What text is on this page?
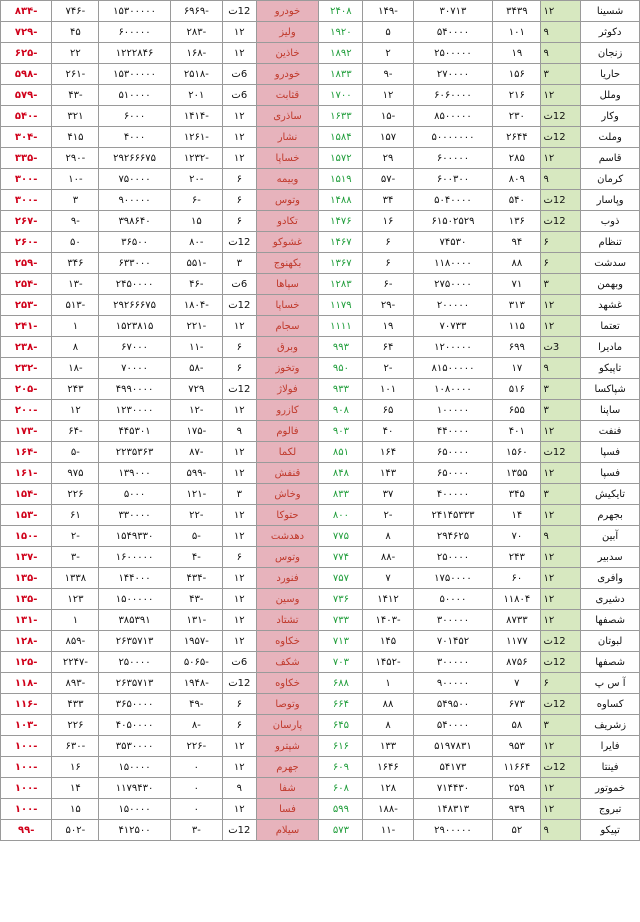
-۸۳۴	-۷۴۶	۱۵۳۰۰۰۰۰	-۶۹۶۹	12ت	خودرو	۲۴۰۸	-۱۴۹	۳۰۷۱۳	۳۴۳۹	۱۲	شسینا
-۷۲۹	۴۵	۶۰۰۰۰۰	-۲۸۳	۱۲	ولیز	۱۹۲۰	۵	۵۴۰۰۰۰	۱۰۱	۹	دکوثر
-۶۲۵	۲۲	۱۲۲۲۸۴۶	-۱۶۸	۱۲	خاذین	۱۸۹۲	۲	۲۵۰۰۰۰۰	۱۹	۹	زنجان
-۵۹۸	-۲۶۱	۱۵۳۰۰۰۰۰	-۲۵۱۸	6ت	خودرو	۱۸۳۳	-۹	۲۷۰۰۰۰	۱۵۶	۳	حاریا
-۵۷۹	-۴۳	۵۱۰۰۰۰	۲۰۱	6ت	قثابت	۱۷۰۰	۱۲	۶۰۶۰۰۰۰	۲۱۶	۱۲	وملل
-۵۴۰	۳۲۱	۶۰۰۰	-۱۴۱۴	۱۲	ساذری	۱۶۳۳	-۱۵	۸۵۰۰۰۰۰	۲۳۰	12ت	وکار
-۳۰۴	۴۱۵	۴۰۰۰	-۱۲۶۱	۱۲	نشار	۱۵۸۴	۱۵۷	۵۰۰۰۰۰۰۰	۲۶۴۴	12ت	وملت
-۳۳۵	-۲۹۰	۲۹۲۶۶۶۷۵	-۱۲۳۲	۱۲	خساپا	۱۵۷۲	۲۹	۶۰۰۰۰۰	۲۸۵	۱۲	قاسم
-۳۰۰	-۱۰	۷۵۰۰۰۰	-۲۰	۶	وبیمه	۱۵۱۹	-۵۷	۶۰۰۳۰۰	۸۰۹	۹	کرمان
-۳۰۰	۳	۹۰۰۰۰۰	-۶	۶	وتوس	۱۴۸۸	۳۴	۵۰۴۰۰۰۰	۵۴۰	12ت	وپاسار
-۲۶۷	-۹	۳۹۸۶۴۰	۱۵	۶	تکادو	۱۴۷۶	۱۶	۶۱۵۰۲۵۲۹	۱۳۶	12ت	ذوب
-۲۶۰	۵۰	۳۶۵۰۰	-۸۰	12ت	غشوکو	۱۴۶۷	۶	۷۴۵۳۰	۹۴	۶	تنظام
-۲۵۹	۳۴۶	۶۳۳۰۰۰	-۵۵۱	۳	بکهنوج	۱۳۶۷	۶	۱۱۸۰۰۰۰	۸۸	۶	سدشت
-۲۵۴	-۱۳	۲۴۵۰۰۰۰	-۴۶	6ت	سپاها	۱۲۸۳	-۶	۲۷۵۰۰۰۰	۷۱	۳	وبهمن
-۲۵۳	-۵۱۳	۲۹۲۶۶۶۷۵	-۱۸۰۴	12ت	خساپا	۱۱۷۹	-۲۹	۲۰۰۰۰۰	۳۱۳	۱۲	غشهد
-۲۴۱	۱	۱۵۲۳۸۱۵	-۲۲۱	۱۲	سجام	۱۱۱۱	۱۹	۷۰۷۳۳	۱۱۵	۱۲	تعتما
-۲۳۸	۸	۶۷۰۰۰	-۱۱	۶	وبرق	۹۹۳	۶۴	۱۲۰۰۰۰۰	۶۹۹	3ت	مادیرا
-۲۳۲	-۱۸	۷۰۰۰۰	-۵۸	۶	وتخوز	۹۵۰	-۲	۸۱۵۰۰۰۰۰	۱۷	۹	تاپیکو
-۲۰۵	۲۴۳	۴۹۹۰۰۰۰	۷۲۹	12ت	فولاژ	۹۳۳	۱۰۱	۱۰۸۰۰۰۰	۵۱۶	۳	شپاکسا
-۲۰۰	۱۲	۱۲۳۰۰۰۰	-۱۲	۱۲	کازرو	۹۰۸	۶۵	۱۰۰۰۰۰	۶۵۵	۳	ساپنا
-۱۷۳	-۶۴	۴۴۵۳۰۱	-۱۷۵	۹	فالوم	۹۰۳	۴۰	۴۴۰۰۰۰	۴۰۱	۱۲	فنفت
-۱۶۴	-۵	۲۲۳۵۳۶۳	-۸۷	۱۲	لکما	۸۵۱	۱۶۴	۶۵۰۰۰۰	۱۵۶۰	12ت	فسپا
-۱۶۱	۹۷۵	۱۳۹۰۰۰	-۵۹۹	۱۲	قنفش	۸۴۸	۱۴۳	۶۵۰۰۰۰	۱۳۵۵	۱۲	فسپا
-۱۵۴	۲۲۶	۵۰۰۰	-۱۲۱	۳	وخاش	۸۳۳	۳۷	۴۰۰۰۰۰	۳۴۵	۳	تایکیش
-۱۵۳	۶۱	۳۳۰۰۰۰	-۲۲	۱۲	حتوکا	۸۰۰	-۲	۲۴۱۴۵۳۳۳	۱۴	۱۲	بجهرم
-۱۵۰	-۲	۱۵۴۹۳۳۰	-۵	۱۲	دهدشت	۷۷۵	۸	۲۹۴۶۲۵	۷۰	۹	آبین
-۱۳۷	-۳	۱۶۰۰۰۰۰	-۴	۶	وتوس	۷۷۴	-۸۸	۲۵۰۰۰۰	۲۴۳	۱۲	سدبیر
-۱۳۵	۱۳۳۸	۱۴۴۰۰۰	-۴۳۴	۱۲	فنورد	۷۵۷	۷	۱۷۵۰۰۰۰	۶۰	۱۲	وافری
-۱۳۵	۱۲۳	۱۵۰۰۰۰۰	-۴۳	۱۲	وسین	۷۳۶	۱۴۱۲	۵۰۰۰۰	۱۱۸۰۴	۱۲	دشیری
-۱۳۱	۱	۳۸۵۳۹۱	-۱۳۱	۱۲	تشتاد	۷۳۳	-۱۴۰۳	۳۰۰۰۰۰	۸۷۳۳	۱۲	شصفها
-۱۲۸	-۸۵۹	۲۶۳۵۷۱۳	-۱۹۵۷	۱۲	خکاوه	۷۱۳	۱۴۵	۷۰۱۴۵۲	۱۱۷۷	12ت	لبوتان
-۱۲۵	-۲۲۴۷	۲۵۰۰۰۰	-۵۰۶۵	6ت	شکف	۷۰۳	-۱۴۵۲	۳۰۰۰۰۰	۸۷۵۶	12ت	شصفها
-۱۱۸	-۸۹۳	۲۶۳۵۷۱۳	-۱۹۴۸	12ت	خکاوه	۶۸۸	۱	۹۰۰۰۰۰	۷	۶	آ س پ
-۱۱۶	۴۳۳	۳۶۵۰۰۰۰	-۴۹	۶	وتوصا	۶۶۴	۸۸	۵۴۹۵۰۰	۶۷۳	12ت	کساوه
-۱۰۳	۲۲۶	۴۰۵۰۰۰۰	-۸	۶	پارسان	۶۴۵	۸	۵۴۰۰۰۰	۵۸	۳	زشریف
-۱۰۰	-۶۳۰	۳۵۳۰۰۰۰	-۲۲۶	۱۲	شپترو	۶۱۶	۱۳۳	۵۱۹۷۸۳۱	۹۵۳	۱۲	فایرا
-۱۰۰	۱۶	۱۵۰۰۰۰	۰	۱۲	جهرم	۶۰۹	۱۶۴۶	۵۴۱۷۳	۱۱۶۶۴	12ت	فینتا
-۱۰۰	۱۴	۱۱۷۹۴۳۰	۰	۹	شفا	۶۰۸	۱۲۸	۷۱۴۴۳۰	۲۵۹	۱۲	خموتور
-۱۰۰	۱۵	۱۵۰۰۰۰	۰	۱۲	فسا	۵۹۹	-۱۸۸	۱۴۸۳۱۳	۹۳۹	۱۲	تبروج
-۹۹	-۵۰۲	۴۱۲۵۰۰	-۳	12ت	سیلام	۵۷۳	-۱۱	۲۹۰۰۰۰۰	۵۲	۹	تپیکو
